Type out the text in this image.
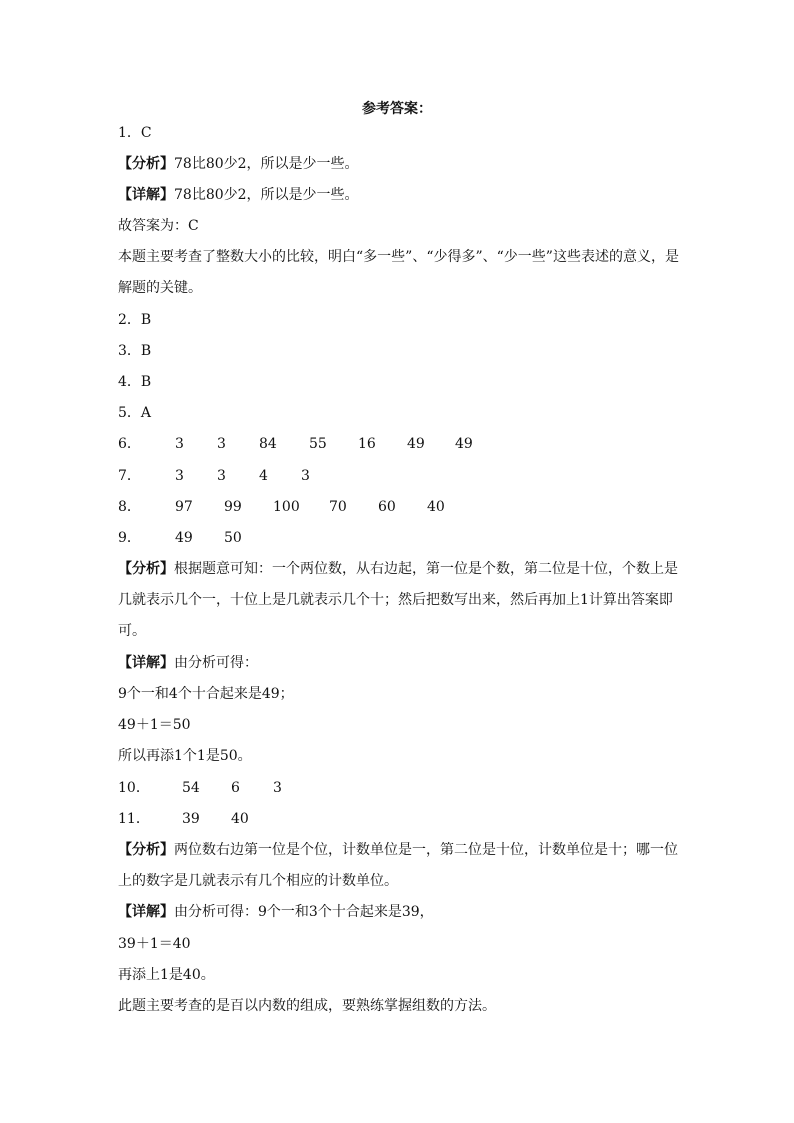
参考答案：
1．C
【分析】78比80少2，所以是少一些。
【详解】78比80少2，所以是少一些。
故答案为：C
本题主要考查了整数大小的比较，明白“多一些”、“少得多”、“少一些”这些表述的意义，是
解题的关键。
2．B
3．B
4．B
5．A
6． 3 3 84 55 16 49 49
7． 3 3 4 3
8． 97 99 100 70 60 40
9． 49 50
【分析】根据题意可知：一个两位数，从右边起，第一位是个数，第二位是十位，个数上是
几就表示几个一，十位上是几就表示几个十；然后把数写出来，然后再加上1计算出答案即
可。
【详解】由分析可得：
9个一和4个十合起来是49；
49＋1＝50
所以再添1个1是50。
10． 54 6 3
11． 39 40
【分析】两位数右边第一位是个位，计数单位是一，第二位是十位，计数单位是十；哪一位
上的数字是几就表示有几个相应的计数单位。
【详解】由分析可得：9个一和3个十合起来是39，
39＋1＝40
再添上1是40。
此题主要考查的是百以内数的组成，要熟练掌握组数的方法。
